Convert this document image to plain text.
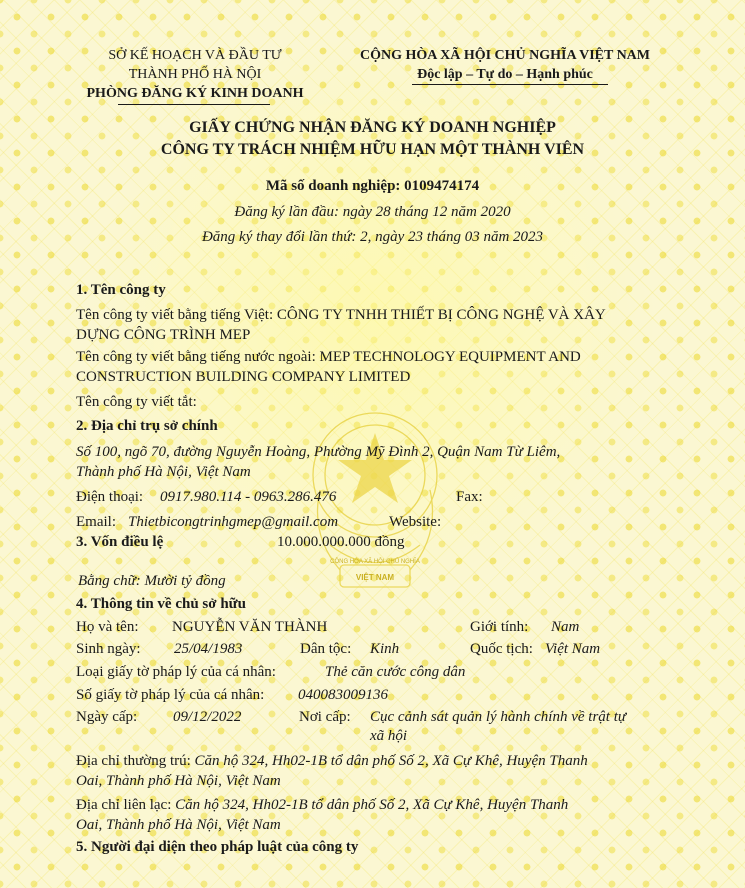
CỘNG HÒA XÃ HỘI CHỦ NGHĨA
VIỆT NAM
SỞ KẾ HOẠCH VÀ ĐẦU TƯ
THÀNH PHỐ HÀ NỘI
PHÒNG ĐĂNG KÝ KINH DOANH
CỘNG HÒA XÃ HỘI CHỦ NGHĨA VIỆT NAM
Độc lập – Tự do – Hạnh phúc
GIẤY CHỨNG NHẬN ĐĂNG KÝ DOANH NGHIỆP
CÔNG TY TRÁCH NHIỆM HỮU HẠN MỘT THÀNH VIÊN
Mã số doanh nghiệp: 0109474174
Đăng ký lần đầu: ngày 28 tháng 12 năm 2020
Đăng ký thay đổi lần thứ: 2, ngày 23 tháng 03 năm 2023
1. Tên công ty
Tên công ty viết bằng tiếng Việt: CÔNG TY TNHH THIẾT BỊ CÔNG NGHỆ VÀ XÂY
DỰNG CÔNG TRÌNH MEP
Tên công ty viết bằng tiếng nước ngoài: MEP TECHNOLOGY EQUIPMENT AND
CONSTRUCTION BUILDING COMPANY LIMITED
Tên công ty viết tắt:
2. Địa chỉ trụ sở chính
Số 100, ngõ 70, đường Nguyễn Hoàng, Phường Mỹ Đình 2, Quận Nam Từ Liêm,
Thành phố Hà Nội, Việt Nam
Điện thoại: 0917.980.114 - 0963.286.476	Fax:
Email: Thietbicongtrinhgmep@gmail.com	Website:
3. Vốn điều lệ	10.000.000.000 đồng
Bằng chữ: Mười tỷ đồng
4. Thông tin về chủ sở hữu
Họ và tên: NGUYỄN VĂN THÀNH	Giới tính: Nam
Sinh ngày: 25/04/1983	Dân tộc: Kinh	Quốc tịch: Việt Nam
Loại giấy tờ pháp lý của cá nhân:	Thẻ căn cước công dân
Số giấy tờ pháp lý của cá nhân: 040083009136
Ngày cấp: 09/12/2022	Nơi cấp: Cục cảnh sát quản lý hành chính về trật tự
xã hội
Địa chỉ thường trú: Căn hộ 324, Hh02-1B tổ dân phố Số 2, Xã Cự Khê, Huyện Thanh
Oai, Thành phố Hà Nội, Việt Nam
Địa chỉ liên lạc: Căn hộ 324, Hh02-1B tổ dân phố Số 2, Xã Cự Khê, Huyện Thanh
Oai, Thành phố Hà Nội, Việt Nam
5. Người đại diện theo pháp luật của công ty
